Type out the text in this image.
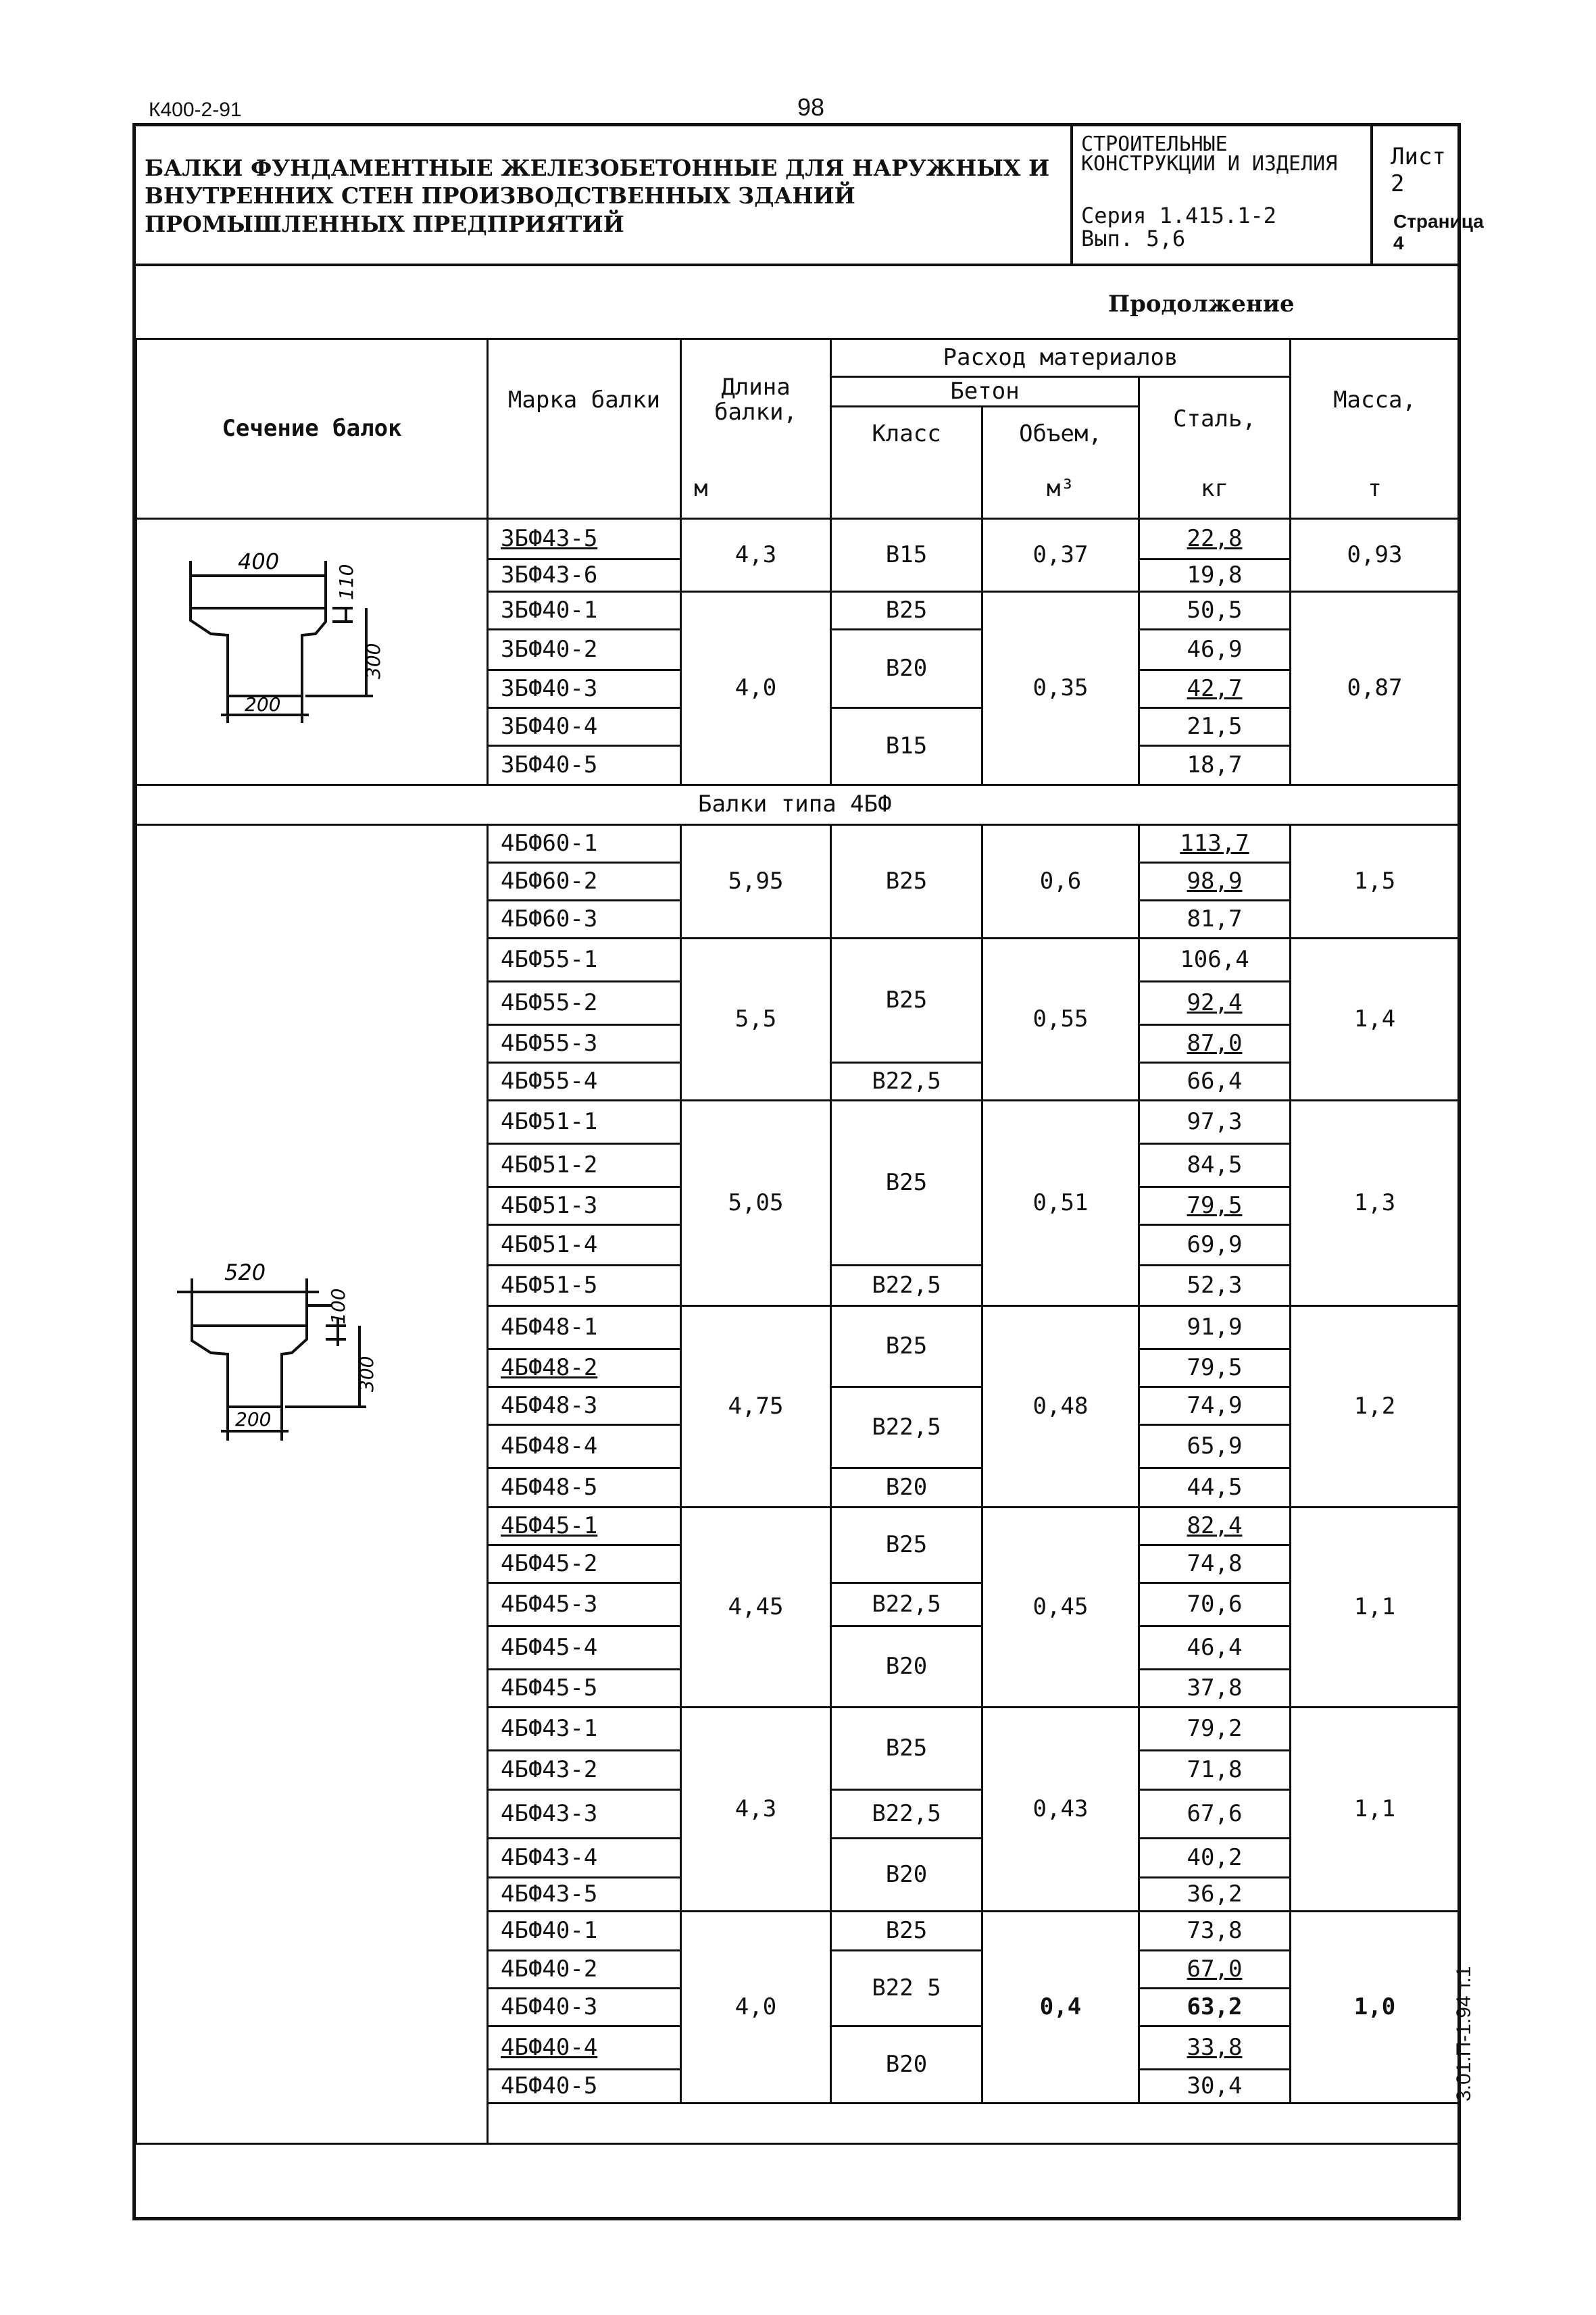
К400-2-91	98
БАЛКИ ФУНДАМЕНТНЫЕ ЖЕЛЕЗОБЕТОННЫЕ ДЛЯ НАРУЖНЫХ И ВНУТРЕННИХ СТЕН ПРОИЗВОДСТВЕННЫХ ЗДАНИЙ ПРОМЫШЛЕННЫХ ПРЕДПРИЯТИЙ
СТРОИТЕЛЬНЫЕ КОНСТРУКЦИИ И ИЗДЕЛИЯ
Серия 1.415.1-2
Вып. 5,6
Лист 2
Страница 4
Продолжение
Сечение балок	Марка балки	Длина балки,	Расход материалов			Масса,
			Бетон		Сталь,	
			Класс	Объем,		
		м		м³	кг	т

400
110
300
200	3БФ43-5	4,3	В15	0,37	22,8	0,93
	3БФ43-6				19,8	
	3БФ40-1	4,0	В25	0,35	50,5	0,87
	3БФ40-2		В20		46,9	
	3БФ40-3				42,7	
	3БФ40-4		В15		21,5	
	3БФ40-5				18,7	
Балки типа 4БФ						

520
100
300
200	4БФ60-1	5,95	В25	0,6	113,7	1,5
	4БФ60-2				98,9	
	4БФ60-3				81,7	
	4БФ55-1	5,5	В25	0,55	106,4	1,4
	4БФ55-2				92,4	
	4БФ55-3				87,0	
	4БФ55-4		В22,5		66,4	
	4БФ51-1	5,05	В25	0,51	97,3	1,3
	4БФ51-2				84,5	
	4БФ51-3				79,5	
	4БФ51-4				69,9	
	4БФ51-5		В22,5		52,3	
	4БФ48-1	4,75	В25	0,48	91,9	1,2
	4БФ48-2				79,5	
	4БФ48-3		В22,5		74,9	
	4БФ48-4				65,9	
	4БФ48-5		В20		44,5	
	4БФ45-1	4,45	В25	0,45	82,4	1,1
	4БФ45-2				74,8	
	4БФ45-3		В22,5		70,6	
	4БФ45-4		В20		46,4	
	4БФ45-5				37,8	
	4БФ43-1	4,3	В25	0,43	79,2	1,1
	4БФ43-2				71,8	
	4БФ43-3		В22,5		67,6	
	4БФ43-4		В20		40,2	
	4БФ43-5				36,2	
	4БФ40-1	4,0	В25	0,4	73,8	1,0
	4БФ40-2		В22 5		67,0	
	4БФ40-3				63,2	
	4БФ40-4		В20		33,8	
	4БФ40-5				30,4		3.01.П-1.94 т.1
